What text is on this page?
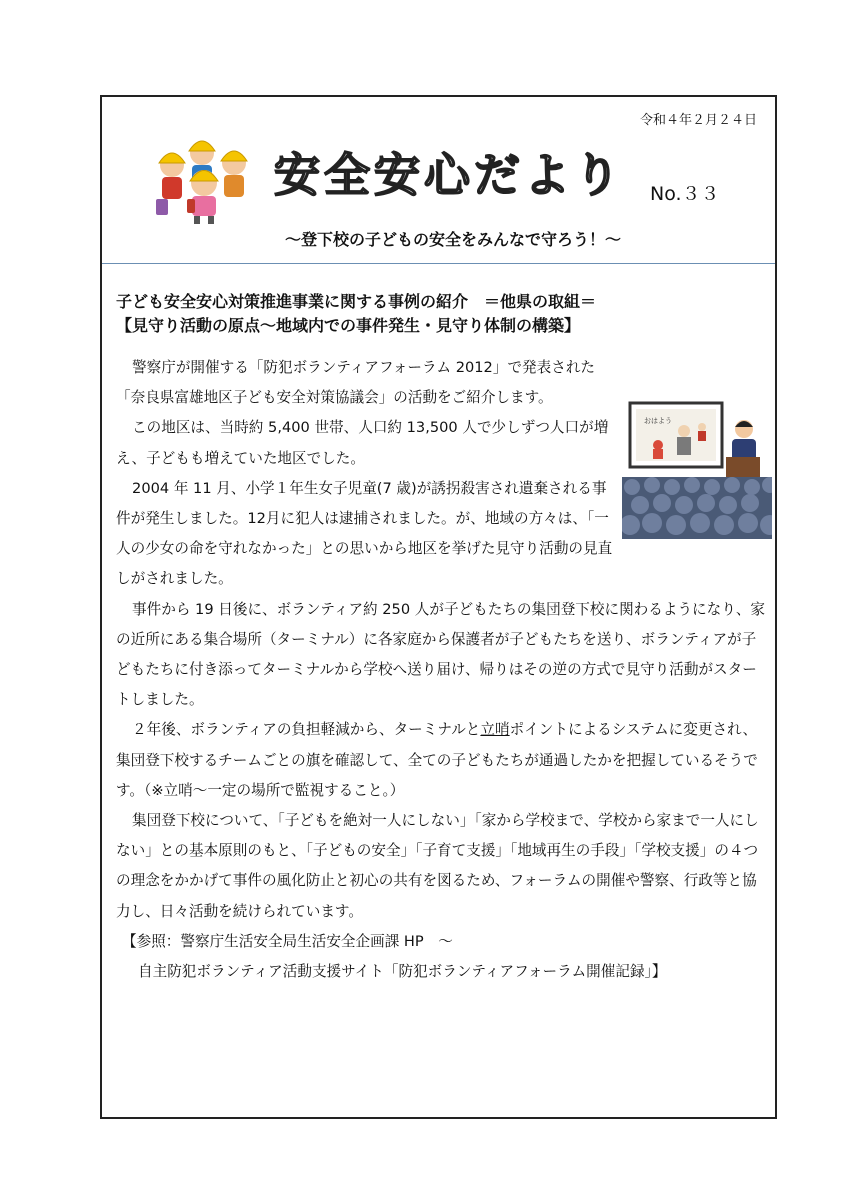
令和４年２月２４日
安全安心だより No.３３
～登下校の子どもの安全をみんなで守ろう！～
子ども安全安心対策推進事業に関する事例の紹介　＝他県の取組＝
【見守り活動の原点～地域内での事件発生・見守り体制の構築】
おはよう

警察庁が開催する「防犯ボランティアフォーラム 2012」で発表された「奈良県富雄地区子ども安全対策協議会」の活動をご紹介します。

この地区は、当時約 5,400 世帯、人口約 13,500 人で少しずつ人口が増え、子どもも増えていた地区でした。

2004 年 11 月、小学１年生女子児童(7 歳)が誘拐殺害され遺棄される事件が発生しました。12月に犯人は逮捕されました。が、地域の方々は、「一人の少女の命を守れなかった」との思いから地区を挙げた見守り活動の見直しがされました。

事件から 19 日後に、ボランティア約 250 人が子どもたちの集団登下校に関わるようになり、家の近所にある集合場所（ターミナル）に各家庭から保護者が子どもたちを送り、ボランティアが子どもたちに付き添ってターミナルから学校へ送り届け、帰りはその逆の方式で見守り活動がスタートしました。

２年後、ボランティアの負担軽減から、ターミナルと立哨ポイントによるシステムに変更され、集団登下校するチームごとの旗を確認して、全ての子どもたちが通過したかを把握しているそうです。（※立哨～一定の場所で監視すること。）

集団登下校について、「子どもを絶対一人にしない」「家から学校まで、学校から家まで一人にしない」との基本原則のもと、「子どもの安全」「子育て支援」「地域再生の手段」「学校支援」の４つの理念をかかげて事件の風化防止と初心の共有を図るため、フォーラムの開催や警察、行政等と協力し、日々活動を続けられています。

【参照：警察庁生活安全局生活安全企画課 HP　～

自主防犯ボランティア活動支援サイト「防犯ボランティアフォーラム開催記録」】
